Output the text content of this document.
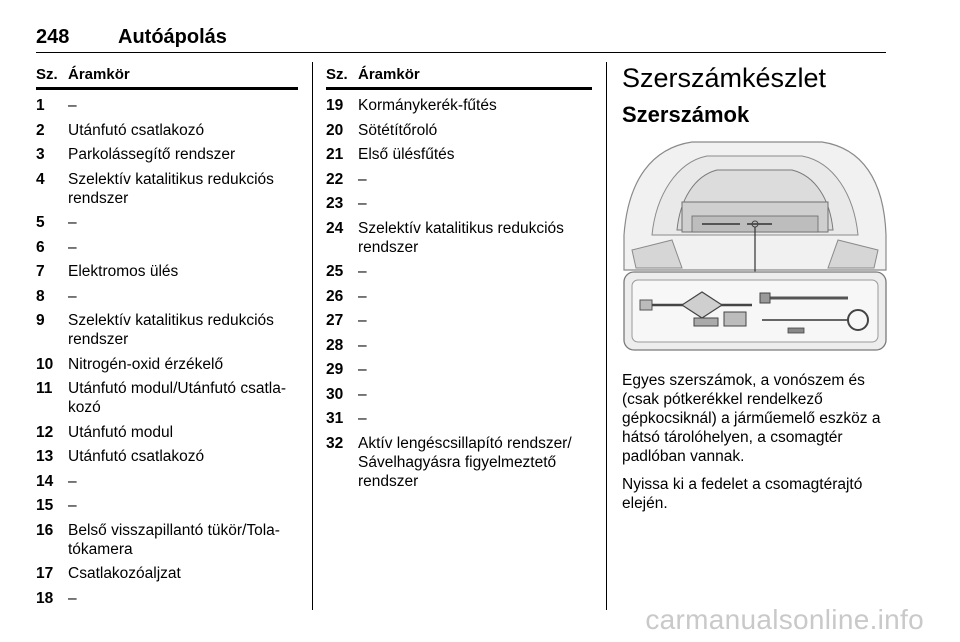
248 Autóápolás
Sz. Áramkör
1	–
2	Utánfutó csatlakozó
3	Parkolássegítő rendszer
4	Szelektív katalitikus redukciós rendszer
5	–
6	–
7	Elektromos ülés
8	–
9	Szelektív katalitikus redukciós rendszer
10 Nitrogén-oxid érzékelő
11	Utánfutó modul/Utánfutó csatla-kozó
12 Utánfutó modul
13 Utánfutó csatlakozó
14 –
15 –
16 Belső visszapillantó tükör/Tola-tókamera
17 Csatlakozóaljzat
18 –
Sz. Áramkör
19 Kormánykerék-fűtés
20 Sötétítőroló
21 Első ülésfűtés
22 –
23 –
24 Szelektív katalitikus redukciós rendszer
25 –
26 –
27 –
28 –
29 –
30 –
31 –
32 Aktív lengéscsillapító rendszer/ Sávelhagyásra figyelmeztető rendszer
Szerszámkészlet
Szerszámok
Egyes szerszámok, a vonószem és (csak pótkerékkel rendelkező gépkocsiknál) a járműemelő eszköz a hátsó tárolóhelyen, a csomagtér padlóban vannak.
Nyissa ki a fedelet a csomagtérajtó elején.
carmanualsonline.info
